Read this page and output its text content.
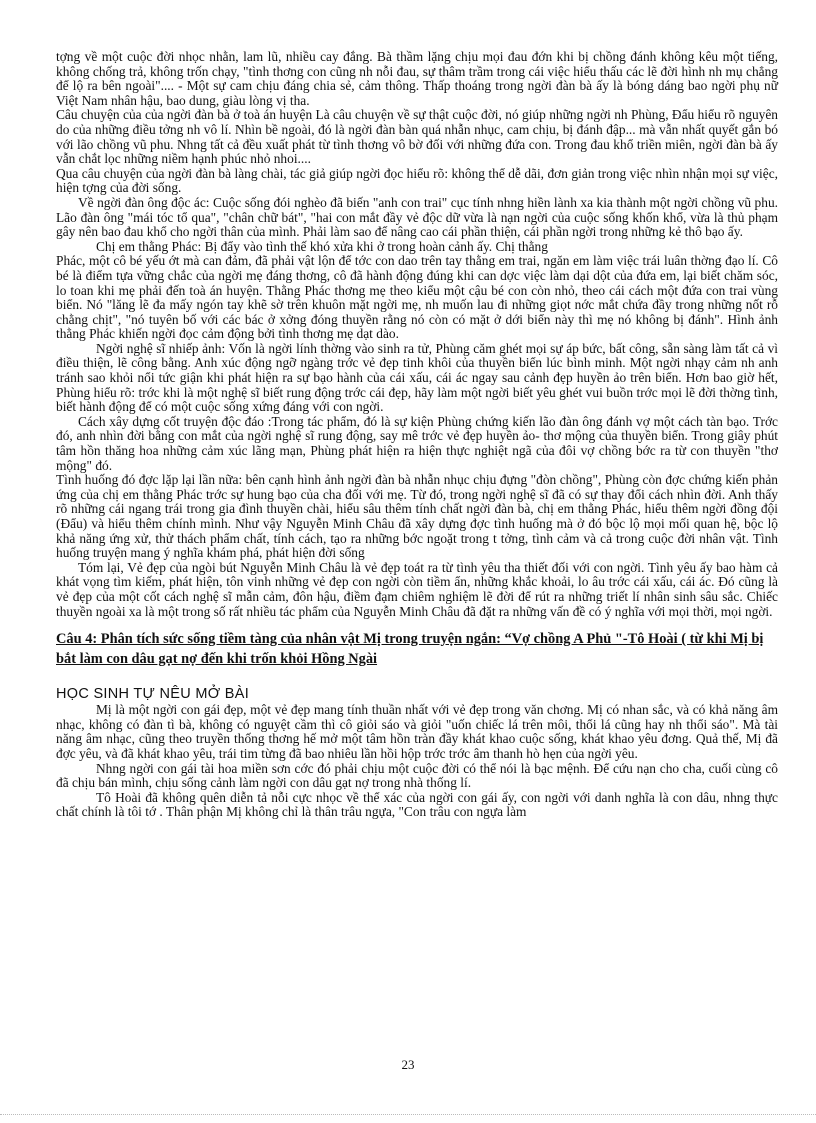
tợng về một cuộc đời nhọc nhằn, lam lũ, nhiều cay đắng. Bà thầm lặng chịu mọi đau đớn khi bị chồng đánh không kêu một tiếng, không chống trả, không trốn chạy, "tình thơng con cũng nh nỗi đau, sự thâm trầm trong cái việc hiểu thấu các lẽ đời hình nh mụ chẳng để lộ ra bên ngoài".... - Một sự cam chịu đáng chia sẻ, cảm thông. Thấp thoáng trong ngời đàn bà ấy là bóng dáng bao ngời phụ nữ Việt Nam nhân hậu, bao dung, giàu lòng vị tha.

Câu chuyện của của ngời đàn bà ở toà án huyện Là câu chuyện về sự thật cuộc đời, nó giúp những ngời nh Phùng, Đẩu hiểu rõ nguyên do của những điều tởng nh vô lí. Nhìn bề ngoài, đó là ngời đàn bàn quá nhẫn nhục, cam chịu, bị đánh đập... mà vẫn nhất quyết gắn bó với lão chồng vũ phu. Nhng tất cả đều xuất phát từ tình thơng vô bờ đối với những đứa con. Trong đau khổ triền miên, ngời đàn bà ấy vẫn chắt lọc những niềm hạnh phúc nhỏ nhoi....

Qua câu chuyện của ngời đàn bà làng chài, tác giả giúp ngời đọc hiểu rõ: không thể dễ dãi, đơn giản trong việc nhìn nhận mọi sự việc, hiện tợng của đời sống.

Về ngời đàn ông độc ác: Cuộc sống đói nghèo đã biến "anh con trai" cục tính nhng hiền lành xa kia thành một ngời chồng vũ phu. Lão đàn ông "mái tóc tổ qua", "chân chữ bát", "hai con mắt đầy vẻ độc dữ vừa là nạn ngời của cuộc sống khốn khổ, vừa là thủ phạm gây nên bao đau khổ cho ngời thân của mình. Phải làm sao để nâng cao cái phần thiện, cái phần ngời trong những kẻ thô bạo ấy.

Chị em thằng Phác: Bị đẩy vào tình thế khó xửa khi ở trong hoàn cảnh ấy. Chị thằng

Phác, một cô bé yếu ớt mà can đảm, đã phải vật lộn để tớc con dao trên tay thằng em trai, ngăn em làm việc trái luân thờng đạo lí. Cô bé là điểm tựa vững chắc của ngời mẹ đáng thơng, cô đã hành động đúng khi can dợc việc làm dại dột của đứa em, lại biết chăm sóc, lo toan khi mẹ phải đến toà án huyện. Thằng Phác thơng mẹ theo kiểu một cậu bé con còn nhỏ, theo cái cách một đứa con trai vùng biển. Nó "lăng lẽ đa mấy ngón tay khẽ sờ trên khuôn mặt ngời mẹ, nh muốn lau đi những giọt nớc mắt chứa đầy trong những nốt rỗ chằng chịt", "nó tuyên bố với các bác ở xởng đóng thuyền rằng nó còn có mặt ở dới biển này thì mẹ nó không bị đánh". Hình ảnh thằng Phác khiến ngời đọc cảm động bởi tình thơng mẹ dạt dào.

Ngời nghệ sĩ nhiếp ảnh: Vốn là ngời lính thờng vào sinh ra tử, Phùng căm ghét mọi sự áp bức, bất công, sẵn sàng làm tất cả vì điều thiện, lẽ công bằng. Anh xúc động ngỡ ngàng trớc vẻ đẹp tinh khôi của thuyền biển lúc bình minh. Một ngời nhạy cảm nh anh tránh sao khỏi nổi tức giận khi phát hiện ra sự bạo hành của cái xấu, cái ác ngay sau cảnh đẹp huyền ảo trên biển. Hơn bao giờ hết, Phùng hiểu rõ: trớc khi là một nghệ sĩ biết rung động trớc cái đẹp, hãy làm một ngời biết yêu ghét vui buồn trớc mọi lẽ đời thờng tình, biết hành động để có một cuộc sống xứng đáng với con ngời.

Cách xây dựng cốt truyện độc đáo :Trong tác phẩm, đó là sự kiện Phùng chứng kiến lão đàn ông đánh vợ một cách tàn bạo. Trớc đó, anh nhìn đời bằng con mắt của ngời nghệ sĩ rung động, say mê trớc vẻ đẹp huyền ảo- thơ mộng của thuyền biển. Trong giây phút tâm hồn thăng hoa những cảm xúc lãng mạn, Phùng phát hiện ra hiện thực nghiệt ngã của đôi vợ chồng bớc ra từ con thuyền "thơ mộng" đó.

Tình huống đó đợc lặp lại lần nữa: bên cạnh hình ảnh ngời đàn bà nhẫn nhục chịu đựng "đòn chồng", Phùng còn đợc chứng kiến phản ứng của chị em thằng Phác trớc sự hung bạo của cha đối với mẹ. Từ đó, trong ngời nghệ sĩ đã có sự thay đổi cách nhìn đời. Anh thấy rõ những cái ngang trái trong gia đình thuyền chài, hiểu sâu thêm tính chất ngời đàn bà, chị em thằng Phác, hiểu thêm ngời đồng đội (Đẩu) và hiểu thêm chính mình. Như vậy Nguyễn Minh Châu đã xây dựng đợc tình huống mà ở đó bộc lộ mọi mối quan hệ, bộc lộ khả năng ứng xử, thử thách phẩm chất, tính cách, tạo ra những bớc ngoặt trong t tởng, tình cảm và cả trong cuộc đời nhân vật. Tình huống truyện mang ý nghĩa khám phá, phát hiện đời sống

Tóm lại, Vẻ đẹp của ngòi bút Nguyễn Minh Châu là vẻ đẹp toát ra từ tình yêu tha thiết đối với con ngời. Tình yêu ấy bao hàm cả khát vọng tìm kiếm, phát hiện, tôn vinh những vẻ đẹp con ngời còn tiềm ẩn, những khắc khoải, lo âu trớc cái xấu, cái ác. Đó cũng là vẻ đẹp của một cốt cách nghệ sĩ mẫn cảm, đôn hậu, điềm đạm chiêm nghiệm lẽ đời để rút ra những triết lí nhân sinh sâu sắc. Chiếc thuyền ngoài xa là một trong số rất nhiều tác phẩm của Nguyễn Minh Châu đã đặt ra những vấn đề có ý nghĩa với mọi thời, mọi ngời.

Câu 4: Phân tích sức sống tiềm tàng của nhân vật Mị trong truyện ngắn: “Vợ chồng A Phủ "-Tô Hoài ( từ khi Mị bị bắt làm con dâu gạt nợ đến khi trốn khỏi Hồng Ngài

HỌC SINH TỰ NÊU MỞ BÀI

Mị là một ngời con gái đẹp, một vẻ đẹp mang tính thuần nhất với vẻ đẹp trong văn chơng. Mị có nhan sắc, và có khả năng âm nhạc, không có đàn tì bà, không có nguyệt cầm thì cô giỏi sáo và giỏi "uốn chiếc lá trên môi, thổi lá cũng hay nh thổi sáo". Mà tài năng âm nhạc, cũng theo truyền thống thơng hế mở một tâm hồn tràn đầy khát khao cuộc sống, khát khao yêu đơng. Quả thế, Mị đã đợc yêu, và đã khát khao yêu, trái tim từng đã bao nhiêu lần hồi hộp trớc trớc âm thanh hò hẹn của ngời yêu.

Nhng ngời con gái tài hoa miền sơn cớc đó phải chịu một cuộc đời có thể nói là bạc mệnh. Để cứu nạn cho cha, cuối cùng cô đã chịu bán mình, chịu sống cảnh làm ngời con dâu gạt nợ trong nhà thống lí.

Tô Hoài đã không quên diễn tả nỗi cực nhọc về thể xác của ngời con gái ấy, con ngời với danh nghĩa là con dâu, nhng thực chất chính là tôi tớ . Thân phận Mị không chỉ là thân trâu ngựa, "Con trâu con ngựa làm

23
